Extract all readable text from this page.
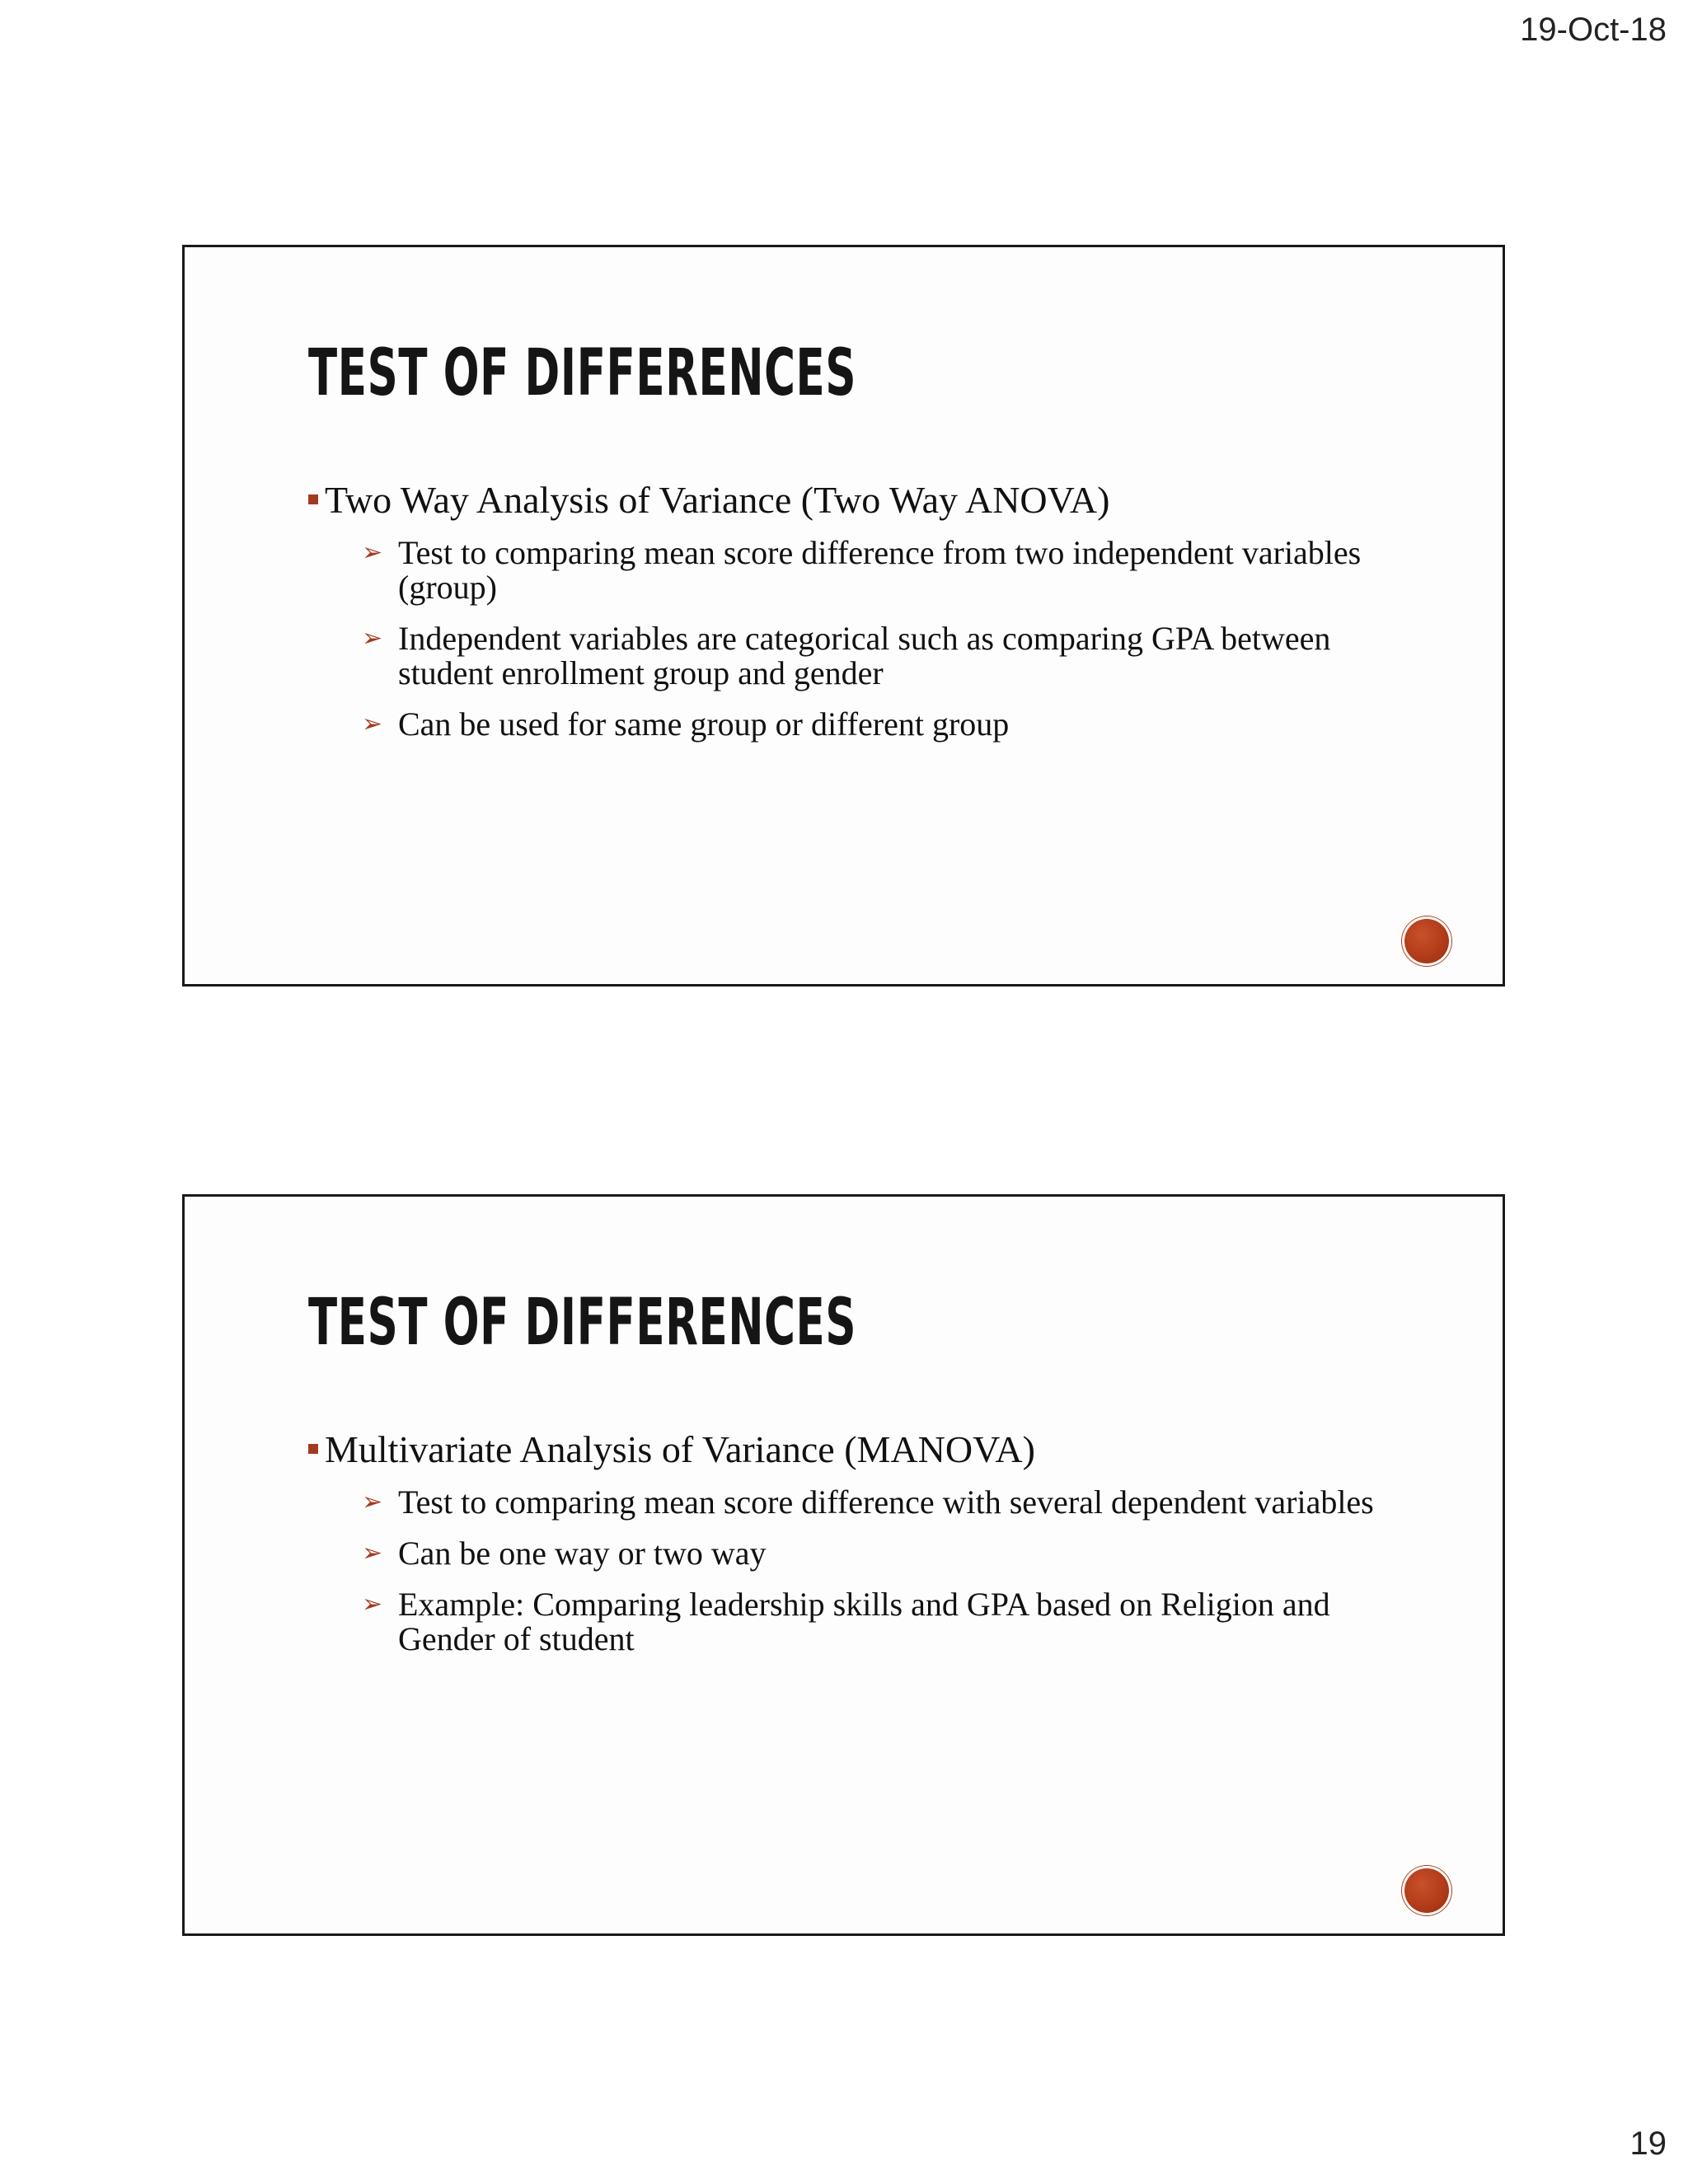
19-Oct-18
TEST OF DIFFERENCES
Two Way Analysis of Variance (Two Way ANOVA)
➢ Test to comparing mean score difference from two independent variables (group)
➢ Independent variables are categorical such as comparing GPA between student enrollment group and gender
➢ Can be used for same group or different group
TEST OF DIFFERENCES
Multivariate Analysis of Variance (MANOVA)
➢ Test to comparing mean score difference with several dependent variables
➢ Can be one way or two way
➢ Example: Comparing leadership skills and GPA based on Religion and Gender of student
19
